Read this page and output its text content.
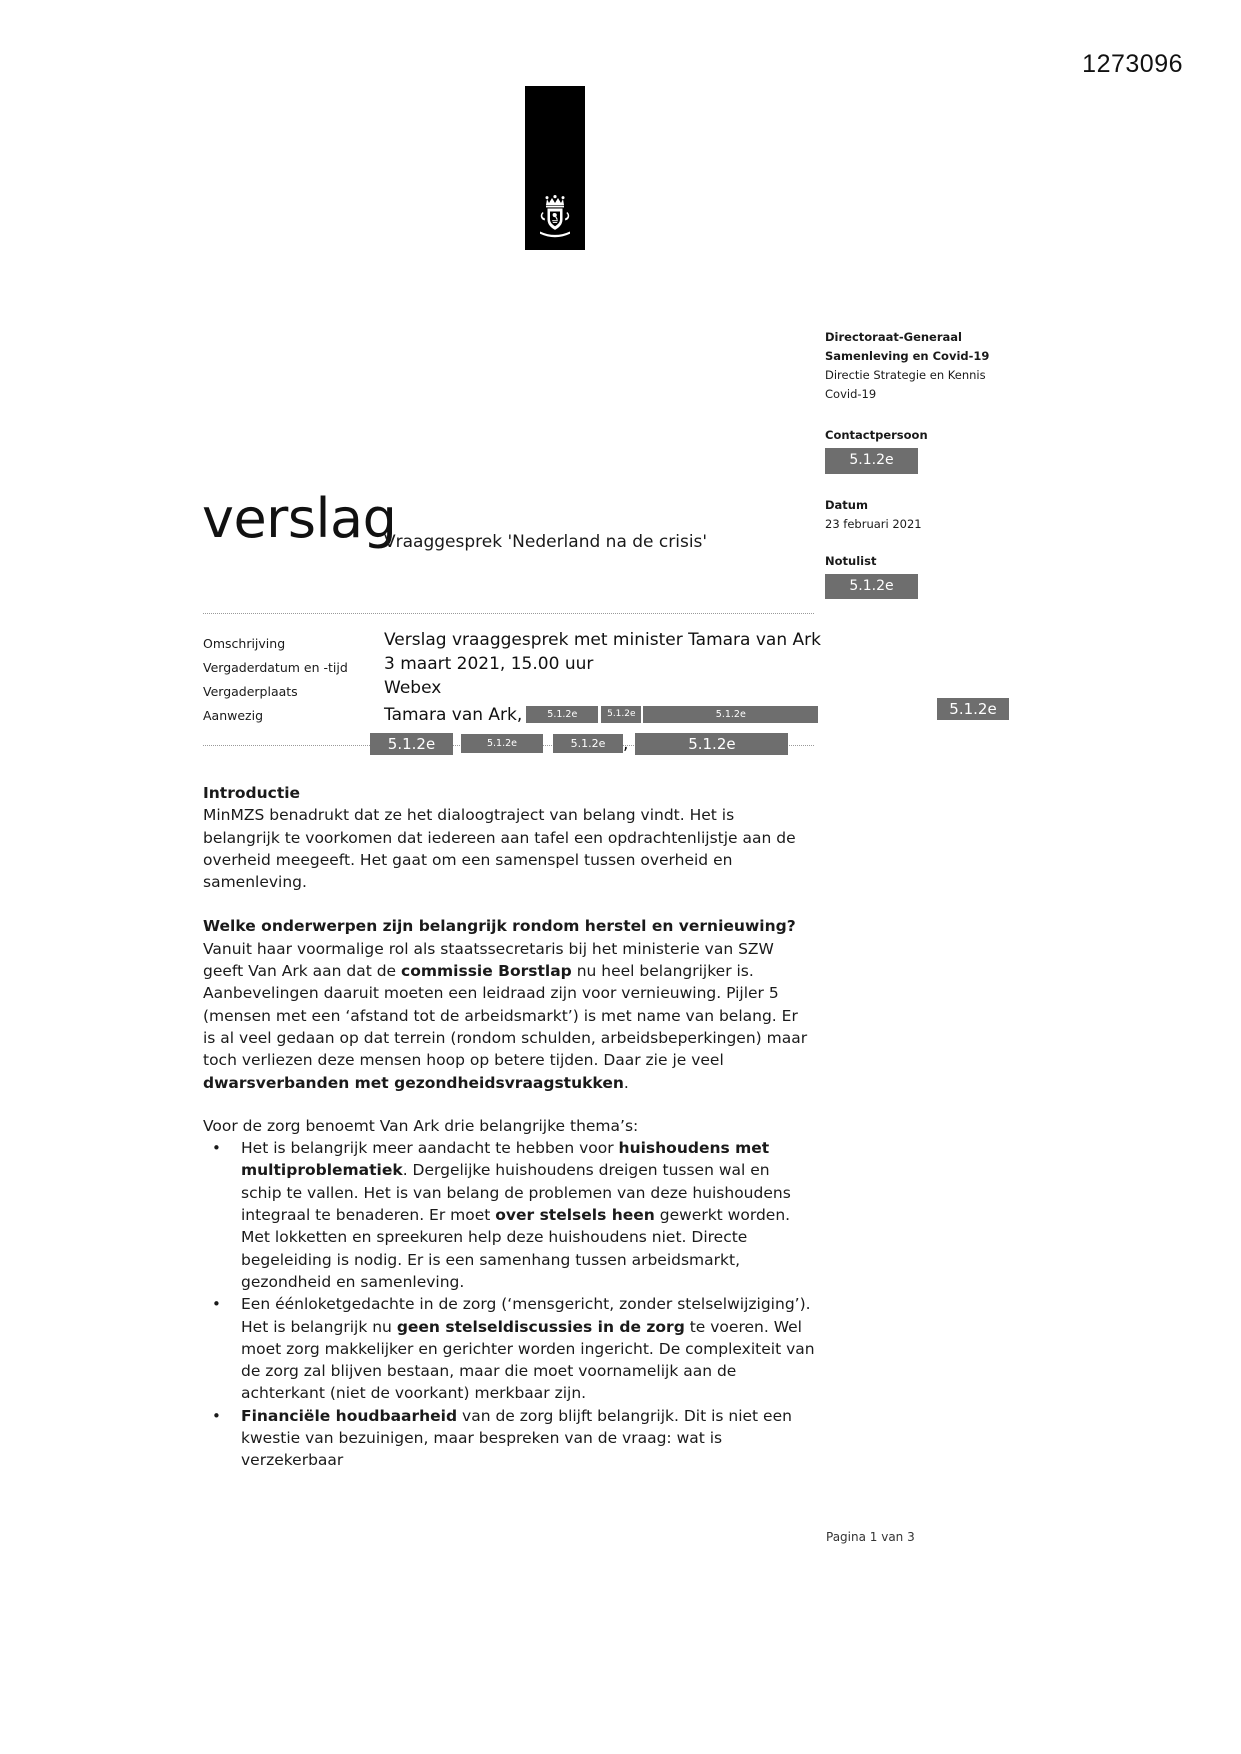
1273096
Directoraat-Generaal
Samenleving en Covid-19
Directie Strategie en Kennis
Covid-19
Contactpersoon
5.1.2e
Datum
23 februari 2021
Notulist
5.1.2e
verslag
Vraaggesprek 'Nederland na de crisis'
Omschrijving	Verslag vraaggesprek met minister Tamara van Ark
Vergaderdatum en -tijd	3 maart 2021, 15.00 uur
Vergaderplaats	Webex
Aanwezig	Tamara van Ark,	5.1.2e	5.1.2e	5.1.2e	5.1.2e
5.1.2e	5.1.2e	5.1.2e	,	5.1.2e
Introductie

MinMZS benadrukt dat ze het dialoogtraject van belang vindt. Het is belangrijk te voorkomen dat iedereen aan tafel een opdrachtenlijstje aan de overheid meegeeft. Het gaat om een samenspel tussen overheid en samenleving.

Welke onderwerpen zijn belangrijk rondom herstel en vernieuwing?

Vanuit haar voormalige rol als staatssecretaris bij het ministerie van SZW geeft Van Ark aan dat de commissie Borstlap nu heel belangrijker is. Aanbevelingen daaruit moeten een leidraad zijn voor vernieuwing. Pijler 5 (mensen met een ‘afstand tot de arbeidsmarkt’) is met name van belang. Er is al veel gedaan op dat terrein (rondom schulden, arbeidsbeperkingen) maar toch verliezen deze mensen hoop op betere tijden. Daar zie je veel dwarsverbanden met gezondheidsvraagstukken.

Voor de zorg benoemt Van Ark drie belangrijke thema’s:

• Het is belangrijk meer aandacht te hebben voor huishoudens met multiproblematiek. Dergelijke huishoudens dreigen tussen wal en schip te vallen. Het is van belang de problemen van deze huishoudens integraal te benaderen. Er moet over stelsels heen gewerkt worden. Met lokketten en spreekuren help deze huishoudens niet. Directe begeleiding is nodig. Er is een samenhang tussen arbeidsmarkt, gezondheid en samenleving.
• Een éénloketgedachte in de zorg (‘mensgericht, zonder stelselwijziging’). Het is belangrijk nu geen stelseldiscussies in de zorg te voeren. Wel moet zorg makkelijker en gerichter worden ingericht. De complexiteit van de zorg zal blijven bestaan, maar die moet voornamelijk aan de achterkant (niet de voorkant) merkbaar zijn.
• Financiële houdbaarheid van de zorg blijft belangrijk. Dit is niet een kwestie van bezuinigen, maar bespreken van de vraag: wat is verzekerbaar
Pagina 1 van 3
